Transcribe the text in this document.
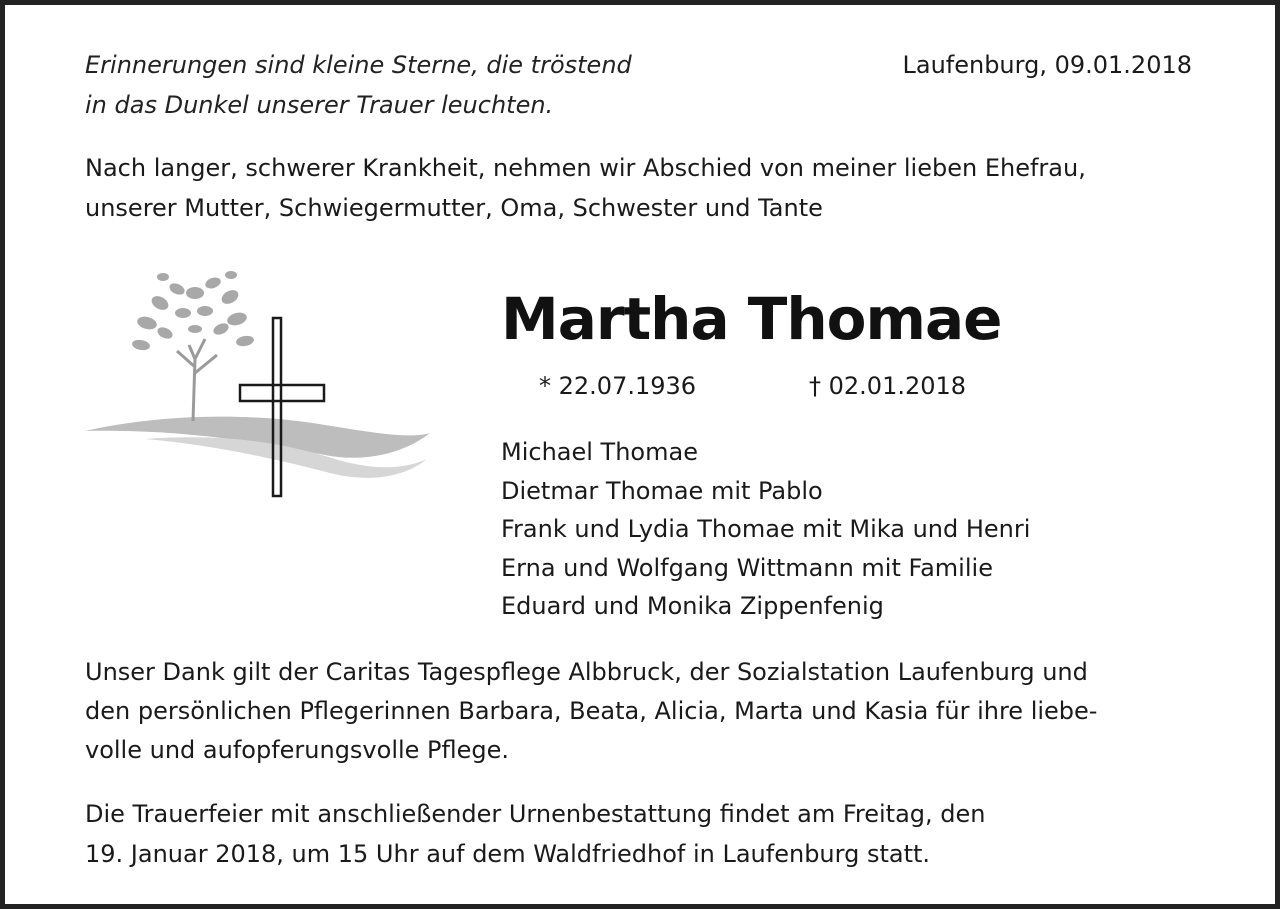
Erinnerungen sind kleine Sterne, die tröstend
in das Dunkel unserer Trauer leuchten.

Laufenburg, 09.01.2018

Nach langer, schwerer Krankheit, nehmen wir Abschied von meiner lieben Ehefrau,
unserer Mutter, Schwiegermutter, Oma, Schwester und Tante

Martha Thomae

* 22.07.1936	† 02.01.2018

Michael Thomae
Dietmar Thomae mit Pablo
Frank und Lydia Thomae mit Mika und Henri
Erna und Wolfgang Wittmann mit Familie
Eduard und Monika Zippenfenig

Unser Dank gilt der Caritas Tagespflege Albbruck, der Sozialstation Laufenburg und
den persönlichen Pflegerinnen Barbara, Beata, Alicia, Marta und Kasia für ihre liebe-
volle und aufopferungsvolle Pflege.

Die Trauerfeier mit anschließender Urnenbestattung findet am Freitag, den
19. Januar 2018, um 15 Uhr auf dem Waldfriedhof in Laufenburg statt.
